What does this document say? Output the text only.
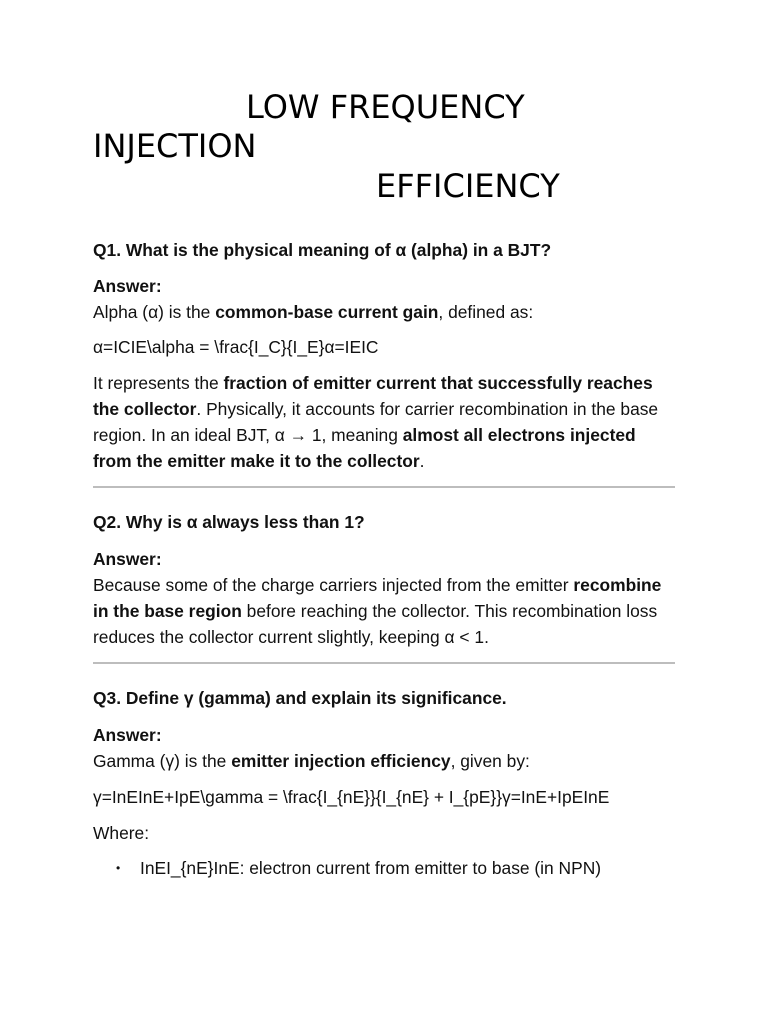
LOW FREQUENCY
INJECTION
EFFICIENCY
Q1. What is the physical meaning of α (alpha) in a BJT?
Answer:
Alpha (α) is the common-base current gain, defined as:

α=ICIE\alpha = \frac{I_C}{I_E}α=IEIC

It represents the fraction of emitter current that successfully reaches the collector. Physically, it accounts for carrier recombination in the base region. In an ideal BJT, α → 1, meaning almost all electrons injected from the emitter make it to the collector.

Q2. Why is α always less than 1?
Answer:
Because some of the charge carriers injected from the emitter recombine in the base region before reaching the collector. This recombination loss reduces the collector current slightly, keeping α < 1.
Q3. Define γ (gamma) and explain its significance.
Answer:
Gamma (γ) is the emitter injection efficiency, given by:

γ=InEInE+IpE\gamma = \frac{I_{nE}}{I_{nE} + I_{pE}}γ=InE+IpEInE

Where:

• InEI_{nE}InE: electron current from emitter to base (in NPN)
